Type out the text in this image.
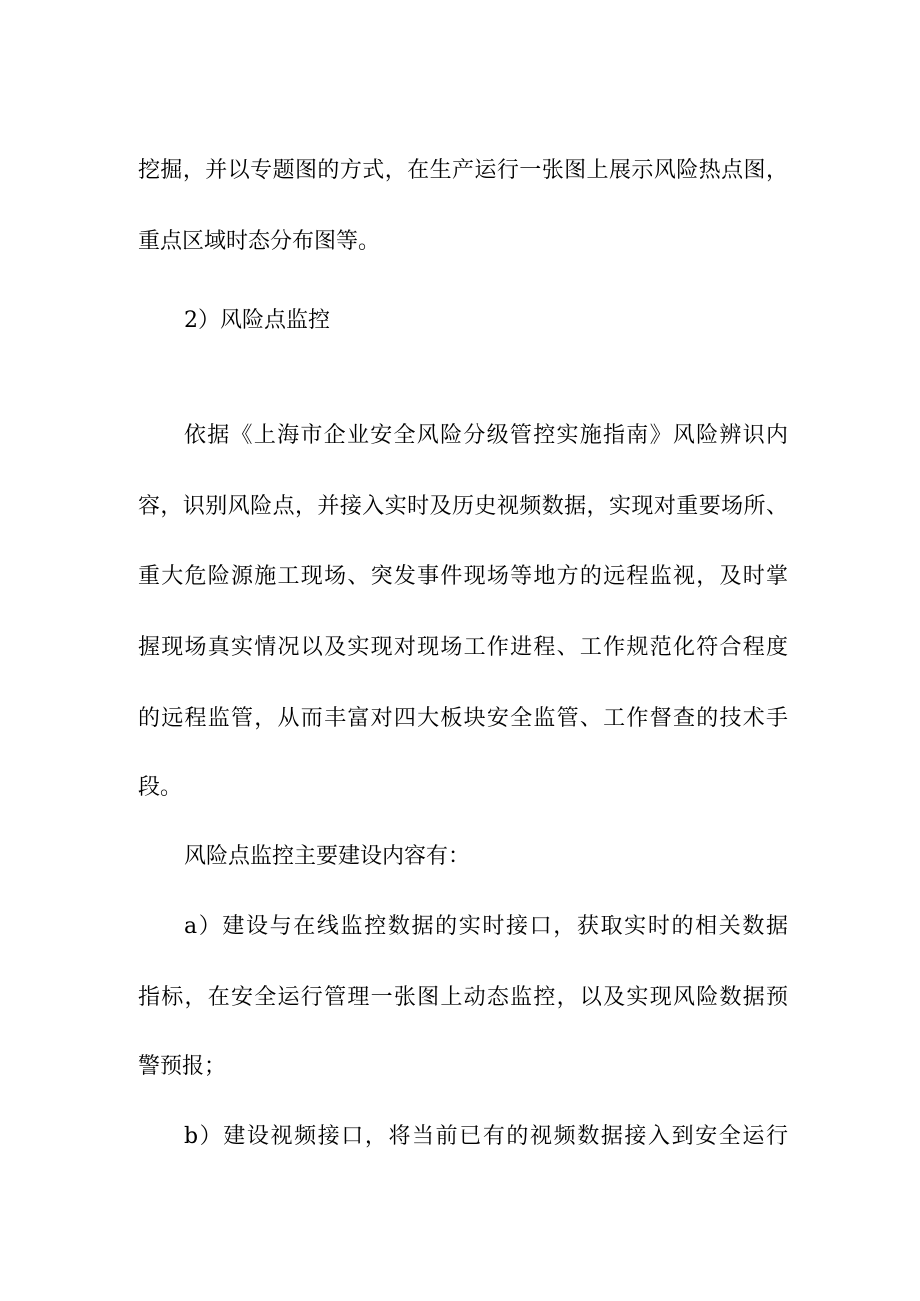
挖掘，并以专题图的方式，在生产运行一张图上展示风险热点图，
重点区域时态分布图等。
2）风险点监控
依据《上海市企业安全风险分级管控实施指南》风险辨识内
容，识别风险点，并接入实时及历史视频数据，实现对重要场所、
重大危险源施工现场、突发事件现场等地方的远程监视，及时掌
握现场真实情况以及实现对现场工作进程、工作规范化符合程度
的远程监管，从而丰富对四大板块安全监管、工作督查的技术手
段。
风险点监控主要建设内容有：
a）建设与在线监控数据的实时接口，获取实时的相关数据
指标，在安全运行管理一张图上动态监控，以及实现风险数据预
警预报；
b）建设视频接口，将当前已有的视频数据接入到安全运行
